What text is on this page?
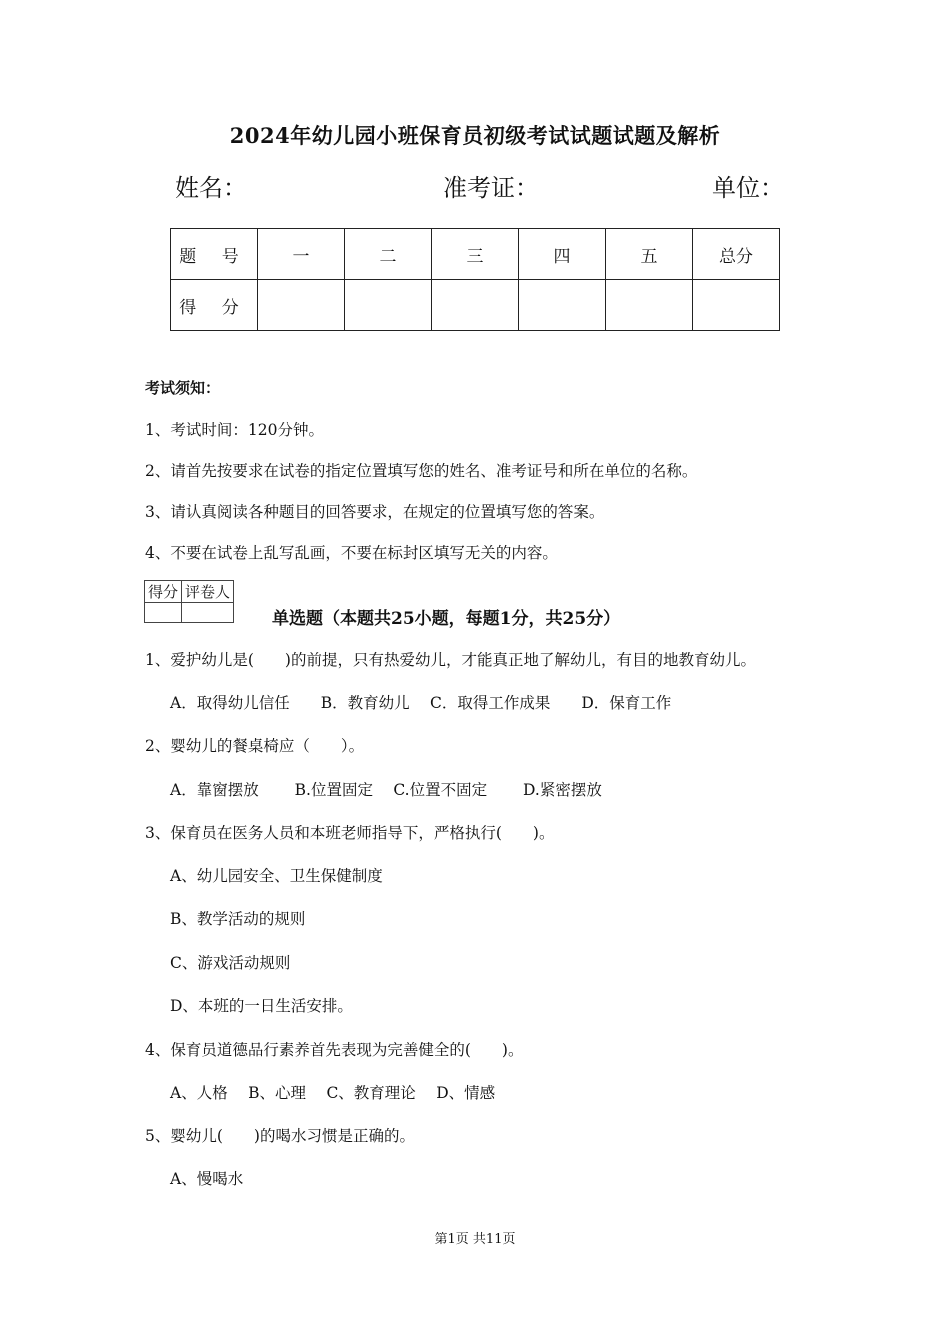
2024年幼儿园小班保育员初级考试试题试题及解析
姓名：	准考证：	单位：
题 号	一	二	三	四	五	总分
得 分						
考试须知：
1、考试时间：120分钟。
2、请首先按要求在试卷的指定位置填写您的姓名、准考证号和所在单位的名称。
3、请认真阅读各种题目的回答要求，在规定的位置填写您的答案。
4、不要在试卷上乱写乱画，不要在标封区填写无关的内容。
得分	评卷人

单选题（本题共25小题，每题1分，共25分）
1、爱护幼儿是(　　)的前提，只有热爱幼儿，才能真正地了解幼儿，有目的地教育幼儿。
A．取得幼儿信任　　B．教育幼儿　 C．取得工作成果　　D．保育工作
2、婴幼儿的餐桌椅应（　　）。
A．靠窗摆放　　 B.位置固定　 C.位置不固定　　 D.紧密摆放
3、保育员在医务人员和本班老师指导下，严格执行(　　)。
A、幼儿园安全、卫生保健制度
B、教学活动的规则
C、游戏活动规则
D、本班的一日生活安排。
4、保育员道德品行素养首先表现为完善健全的(　　)。
A、人格　 B、心理　 C、教育理论　 D、情感
5、婴幼儿(　　)的喝水习惯是正确的。
A、慢喝水
第1页 共11页
